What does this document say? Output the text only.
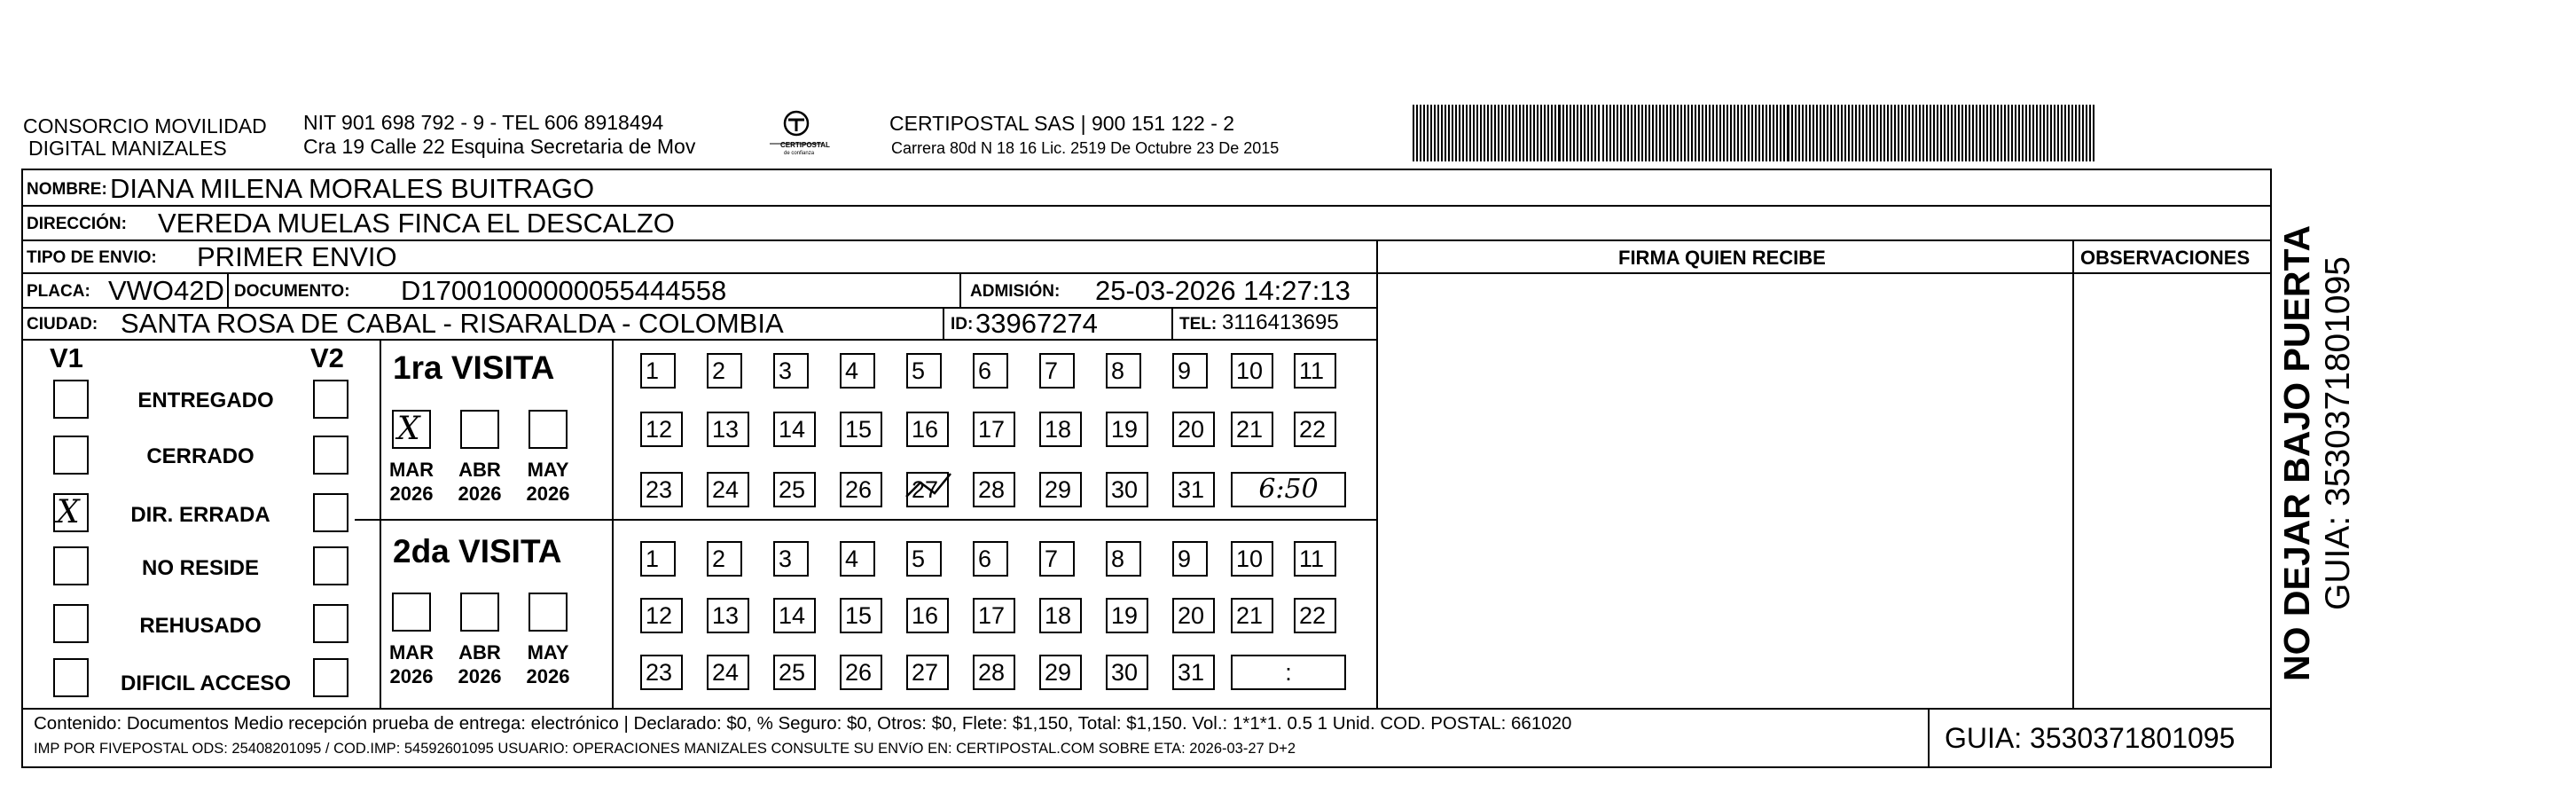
CONSORCIO MOVILIDAD
DIGITAL MANIZALES
NIT 901 698 792 - 9 - TEL 606 8918494
Cra 19 Calle 22 Esquina Secretaria de Mov	CERTIPOSTAL
de confianza
CERTIPOSTAL SAS | 900 151 122 - 2
Carrera 80d N 18 16 Lic. 2519 De Octubre 23 De 2015
NOMBRE: DIANA MILENA MORALES BUITRAGO
DIRECCIÓN: VEREDA MUELAS FINCA EL DESCALZO
TIPO DE ENVIO: PRIMER ENVIO	FIRMA QUIEN RECIBE	OBSERVACIONES
PLACA: VWO42D DOCUMENTO: D17001000000055444558	ADMISIÓN: 25-03-2026 14:27:13
CIUDAD: SANTA ROSA DE CABAL - RISARALDA - COLOMBIA	ID: 33967274	TEL: 3116413695
V1	V2
ENTREGADO
CERRADO
X DIR. ERRADA
NO RESIDE
REHUSADO
DIFICIL ACCESO
1ra VISITA
X
MAR
2026
ABR
2026
MAY
2026
1	2	3	4	5	6	7	8	9	10	11
12	13	14	15	16	17	18	19	20	21	22
23	24	25	26	27	28	29	30	31	6:50
2da VISITA
MAR
2026
ABR
2026
MAY
2026
1	2	3	4	5	6	7	8	9	10	11
12	13	14	15	16	17	18	19	20	21	22
23	24	25	26	27	28	29	30	31	:
Contenido: Documentos Medio recepción prueba de entrega: electrónico | Declarado: $0, % Seguro: $0, Otros: $0, Flete: $1,150, Total: $1,150. Vol.: 1*1*1. 0.5 1 Unid. COD. POSTAL: 661020
IMP POR FIVEPOSTAL ODS: 25408201095 / COD.IMP: 54592601095 USUARIO: OPERACIONES MANIZALES CONSULTE SU ENVíO EN: CERTIPOSTAL.COM SOBRE ETA: 2026-03-27 D+2	GUIA: 3530371801095
NO DEJAR BAJO PUERTA GUIA: 3530371801095
